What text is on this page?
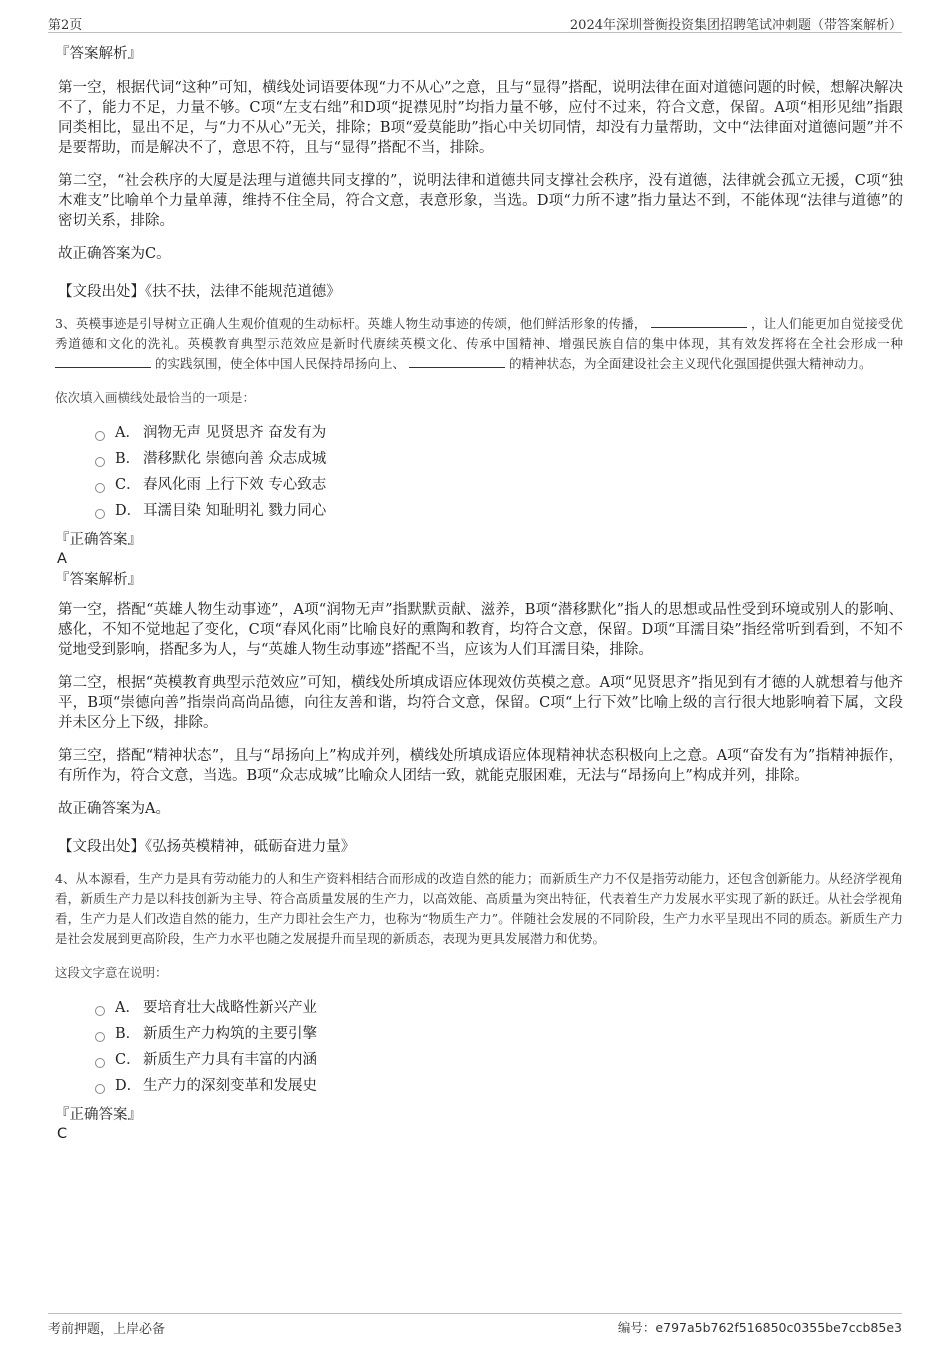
第2页	2024年深圳誉衡投资集团招聘笔试冲刺题（带答案解析）
『答案解析』

第一空，根据代词“这种”可知，横线处词语要体现“力不从心”之意，且与“显得”搭配，说明法律在面对道德问题的时候，想解决解决不了，能力不足，力量不够。C项“左支右绌”和D项“捉襟见肘”均指力量不够，应付不过来，符合文意，保留。A项“相形见绌”指跟同类相比，显出不足，与“力不从心”无关，排除；B项“爱莫能助”指心中关切同情，却没有力量帮助，文中“法律面对道德问题”并不是要帮助，而是解决不了，意思不符，且与“显得”搭配不当，排除。

第二空，“社会秩序的大厦是法理与道德共同支撑的”，说明法律和道德共同支撑社会秩序，没有道德，法律就会孤立无援，C项“独木难支”比喻单个力量单薄，维持不住全局，符合文意，表意形象，当选。D项“力所不逮”指力量达不到，不能体现“法律与道德”的密切关系，排除。

故正确答案为C。

【文段出处】《扶不扶，法律不能规范道德》
3、英模事迹是引导树立正确人生观价值观的生动标杆。英雄人物生动事迹的传颂，他们鲜活形象的传播，	，让人们能更加自觉接受优秀道德和文化的洗礼。英模教育典型示范效应是新时代赓续英模文化、传承中国精神、增强民族自信的集中体现，其有效发挥将在全社会形成一种  的实践氛围，使全体中国人民保持昂扬向上、	的精神状态，为全面建设社会主义现代化强国提供强大精神动力。
依次填入画横线处最恰当的一项是：
A． 润物无声 见贤思齐 奋发有为
B． 潜移默化 崇德向善 众志成城
C． 春风化雨 上行下效 专心致志
D． 耳濡目染 知耻明礼 戮力同心
『正确答案』
A
『答案解析』

第一空，搭配“英雄人物生动事迹”，A项“润物无声”指默默贡献、滋养，B项“潜移默化”指人的思想或品性受到环境或别人的影响、感化，不知不觉地起了变化，C项“春风化雨”比喻良好的熏陶和教育，均符合文意，保留。D项“耳濡目染”指经常听到看到，不知不觉地受到影响，搭配多为人，与“英雄人物生动事迹”搭配不当，应该为人们耳濡目染，排除。

第二空，根据“英模教育典型示范效应”可知，横线处所填成语应体现效仿英模之意。A项“见贤思齐”指见到有才德的人就想着与他齐平，B项“崇德向善”指崇尚高尚品德，向往友善和谐，均符合文意，保留。C项“上行下效”比喻上级的言行很大地影响着下属，文段并未区分上下级，排除。

第三空，搭配“精神状态”，且与“昂扬向上”构成并列，横线处所填成语应体现精神状态积极向上之意。A项“奋发有为”指精神振作，有所作为，符合文意，当选。B项“众志成城”比喻众人团结一致，就能克服困难，无法与“昂扬向上”构成并列，排除。

故正确答案为A。

【文段出处】《弘扬英模精神，砥砺奋进力量》
4、从本源看，生产力是具有劳动能力的人和生产资料相结合而形成的改造自然的能力；而新质生产力不仅是指劳动能力，还包含创新能力。从经济学视角看，新质生产力是以科技创新为主导、符合高质量发展的生产力，以高效能、高质量为突出特征，代表着生产力发展水平实现了新的跃迁。从社会学视角看，生产力是人们改造自然的能力，生产力即社会生产力，也称为“物质生产力”。伴随社会发展的不同阶段，生产力水平呈现出不同的质态。新质生产力是社会发展到更高阶段，生产力水平也随之发展提升而呈现的新质态，表现为更具发展潜力和优势。
这段文字意在说明：
A． 要培育壮大战略性新兴产业
B． 新质生产力构筑的主要引擎
C． 新质生产力具有丰富的内涵
D． 生产力的深刻变革和发展史
『正确答案』
C
考前押题，上岸必备	编号：e797a5b762f516850c0355be7ccb85e3
